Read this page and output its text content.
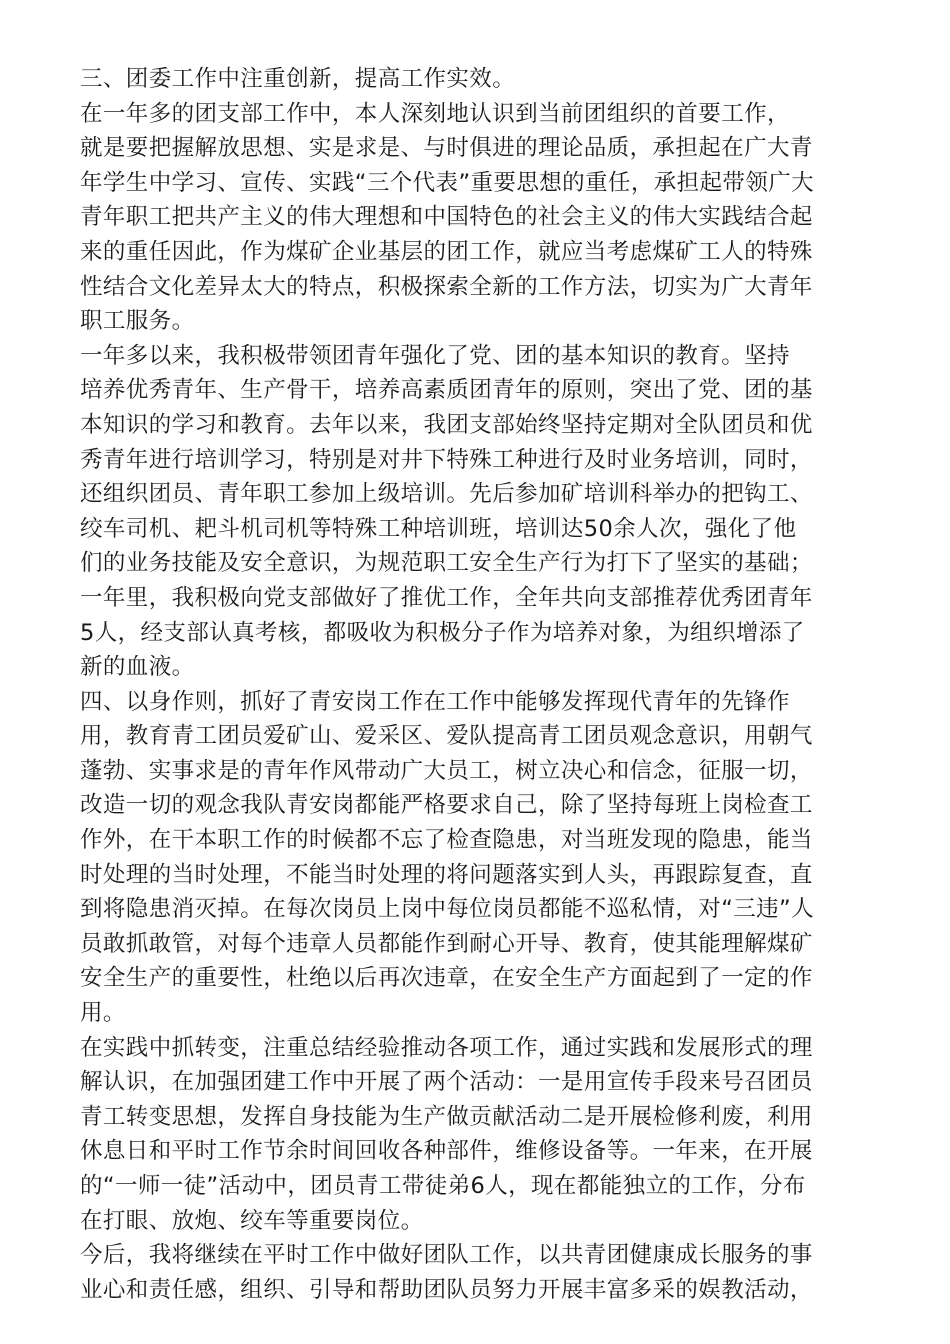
三、团委工作中注重创新，提高工作实效。
在一年多的团支部工作中，本人深刻地认识到当前团组织的首要工作，
就是要把握解放思想、实是求是、与时俱进的理论品质，承担起在广大青
年学生中学习、宣传、实践“三个代表”重要思想的重任，承担起带领广大
青年职工把共产主义的伟大理想和中国特色的社会主义的伟大实践结合起
来的重任因此，作为煤矿企业基层的团工作，就应当考虑煤矿工人的特殊
性结合文化差异太大的特点，积极探索全新的工作方法，切实为广大青年
职工服务。
一年多以来，我积极带领团青年强化了党、团的基本知识的教育。坚持
培养优秀青年、生产骨干，培养高素质团青年的原则，突出了党、团的基
本知识的学习和教育。去年以来，我团支部始终坚持定期对全队团员和优
秀青年进行培训学习，特别是对井下特殊工种进行及时业务培训，同时，
还组织团员、青年职工参加上级培训。先后参加矿培训科举办的把钩工、
绞车司机、耙斗机司机等特殊工种培训班，培训达50余人次，强化了他
们的业务技能及安全意识，为规范职工安全生产行为打下了坚实的基础；
一年里，我积极向党支部做好了推优工作，全年共向支部推荐优秀团青年
5人，经支部认真考核，都吸收为积极分子作为培养对象，为组织增添了
新的血液。
四、以身作则，抓好了青安岗工作在工作中能够发挥现代青年的先锋作
用，教育青工团员爱矿山、爱采区、爱队提高青工团员观念意识，用朝气
蓬勃、实事求是的青年作风带动广大员工，树立决心和信念，征服一切，
改造一切的观念我队青安岗都能严格要求自己，除了坚持每班上岗检查工
作外，在干本职工作的时候都不忘了检查隐患，对当班发现的隐患，能当
时处理的当时处理，不能当时处理的将问题落实到人头，再跟踪复查，直
到将隐患消灭掉。在每次岗员上岗中每位岗员都能不巡私情，对“三违”人
员敢抓敢管，对每个违章人员都能作到耐心开导、教育，使其能理解煤矿
安全生产的重要性，杜绝以后再次违章，在安全生产方面起到了一定的作
用。
在实践中抓转变，注重总结经验推动各项工作，通过实践和发展形式的理
解认识，在加强团建工作中开展了两个活动：一是用宣传手段来号召团员
青工转变思想，发挥自身技能为生产做贡献活动二是开展检修利废，利用
休息日和平时工作节余时间回收各种部件，维修设备等。一年来，在开展
的“一师一徒”活动中，团员青工带徒弟6人，现在都能独立的工作，分布
在打眼、放炮、绞车等重要岗位。
今后，我将继续在平时工作中做好团队工作，以共青团健康成长服务的事
业心和责任感，组织、引导和帮助团队员努力开展丰富多采的娱教活动，
